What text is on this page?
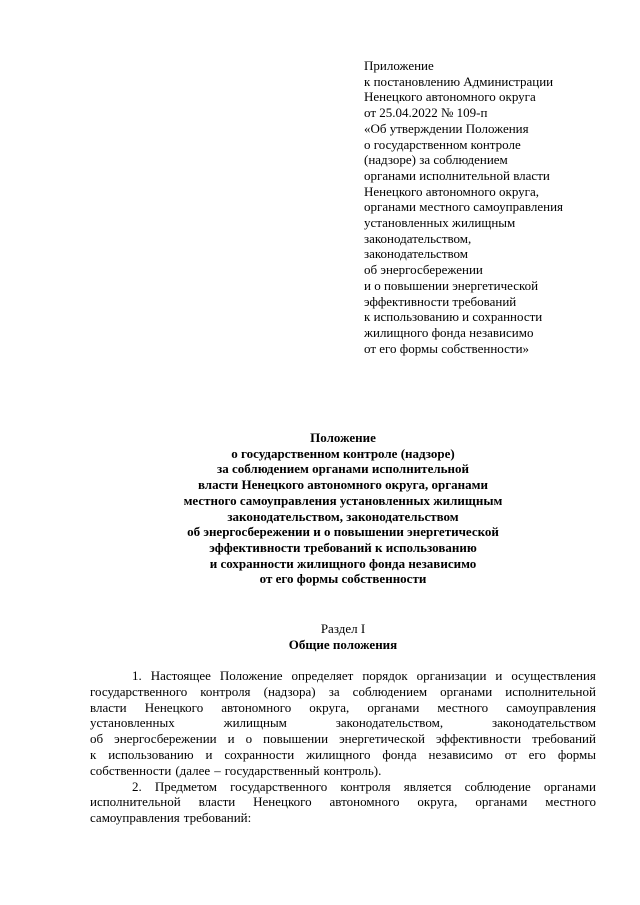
Приложение
к постановлению Администрации
Ненецкого автономного округа
от 25.04.2022 № 109-п
«Об утверждении Положения
о государственном контроле
(надзоре) за соблюдением
органами исполнительной власти
Ненецкого автономного округа,
органами местного самоуправления
установленных жилищным
законодательством,
законодательством
об энергосбережении
и о повышении энергетической
эффективности требований
к использованию и сохранности
жилищного фонда независимо
от его формы собственности»
Положение
о государственном контроле (надзоре)
за соблюдением органами исполнительной
власти Ненецкого автономного округа, органами
местного самоуправления установленных жилищным
законодательством, законодательством
об энергосбережении и о повышении энергетической
эффективности требований к использованию
и сохранности жилищного фонда независимо
от его формы собственности
Раздел I
Общие положения
1. Настоящее Положение определяет порядок организации и осуществления
государственного контроля (надзора) за соблюдением органами исполнительной
власти Ненецкого автономного округа, органами местного самоуправления
установленных	жилищным	законодательством,	законодательством
об энергосбережении и о повышении энергетической эффективности требований
к использованию и сохранности жилищного фонда независимо от его формы
собственности (далее – государственный контроль).
2. Предметом государственного контроля является соблюдение органами
исполнительной власти Ненецкого автономного округа, органами местного
самоуправления требований:
